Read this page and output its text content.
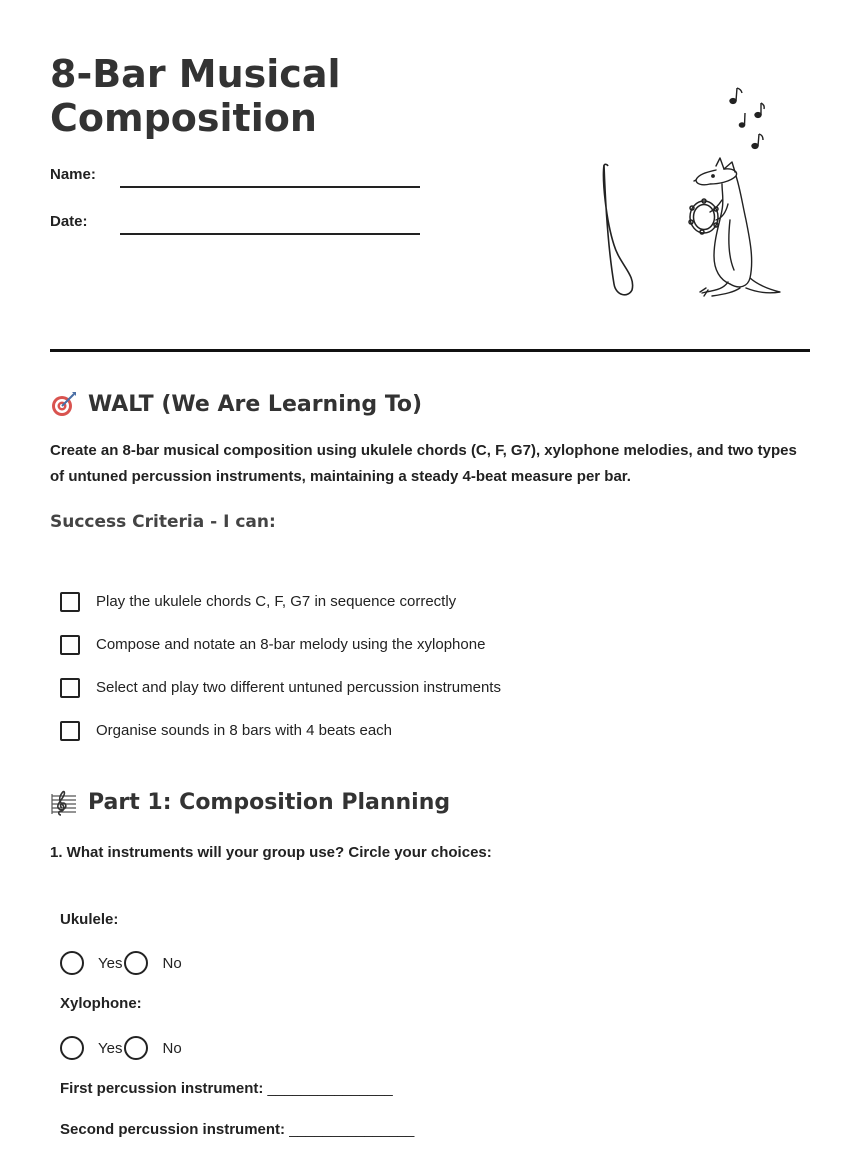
8-Bar Musical
Composition
Name:
Date:
WALT (We Are Learning To)

Create an 8-bar musical composition using ukulele chords (C, F, G7), xylophone melodies, and two types of untuned percussion instruments, maintaining a steady 4-beat measure per bar.

Success Criteria - I can:
Play the ukulele chords C, F, G7 in sequence correctly
Compose and notate an 8-bar melody using the xylophone
Select and play two different untuned percussion instruments
Organise sounds in 8 bars with 4 beats each
Part 1: Composition Planning

1. What instruments will your group use? Circle your choices:

Ukulele:
Yes	No
Xylophone:
Yes	No
First percussion instrument: _______________
Second percussion instrument: _______________
